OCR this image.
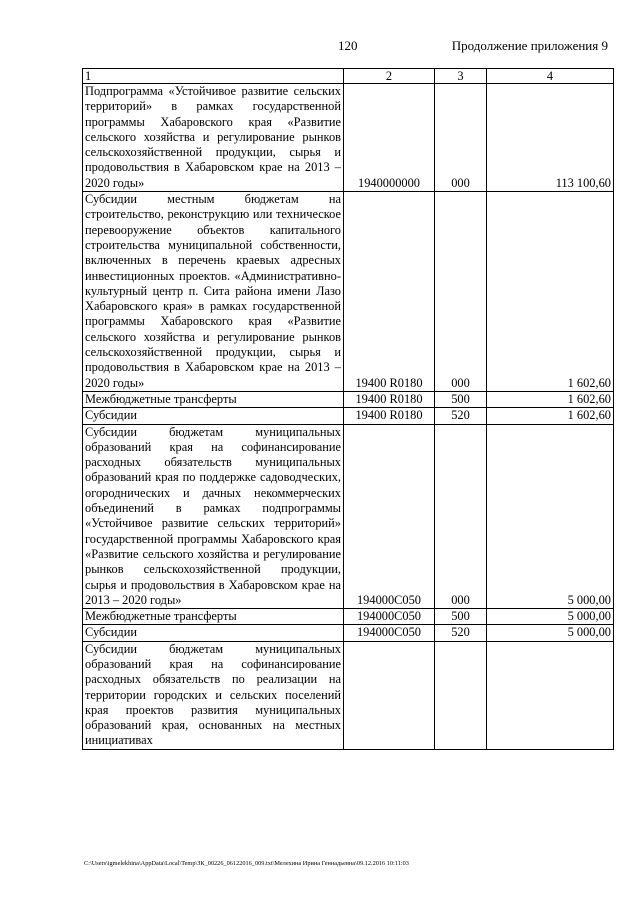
120	Продолжение приложения 9
1	2	3	4
Подпрограмма «Устойчивое развитие сельских территорий» в рамках государственной программы Хабаровского края «Развитие сельского хозяйства и регулирование рынков сельскохозяйственной продукции, сырья и продовольствия в Хабаровском крае на 2013 – 2020 годы»	1940000000	000	113 100,60
Субсидии местным бюджетам на строительство, реконструкцию или техническое перевооружение объектов капитального строительства муниципальной собственности, включенных в перечень краевых адресных инвестиционных проектов. «Административно-культурный центр п. Сита района имени Лазо Хабаровского края» в рамках государственной программы Хабаровского края «Развитие сельского хозяйства и регулирование рынков сельскохозяйственной продукции, сырья и продовольствия в Хабаровском крае на 2013 – 2020 годы»	19400 R0180	000	1 602,60
Межбюджетные трансферты	19400 R0180	500	1 602,60
Субсидии	19400 R0180	520	1 602,60
Субсидии бюджетам муниципальных образований края на софинансирование расходных обязательств муниципальных образований края по поддержке садоводческих, огороднических и дачных некоммерческих объединений в рамках подпрограммы «Устойчивое развитие сельских территорий» государственной программы Хабаровского края «Развитие сельского хозяйства и регулирование рынков сельскохозяйственной продукции, сырья и продовольствия в Хабаровском крае на 2013 – 2020 годы»	194000С050	000	5 000,00
Межбюджетные трансферты	194000С050	500	5 000,00
Субсидии	194000С050	520	5 000,00
Субсидии бюджетам муниципальных образований края на софинансирование расходных обязательств по реализации на территории городских и сельских поселений края проектов развития муниципальных образований края, основанных на местных инициативах			
C:\Users\igmelekhina\AppData\Local\Temp\ЗК_00226_06122016_009.txt\Мелехина Ирина Геннадьевна\09.12.2016 10:11:03
